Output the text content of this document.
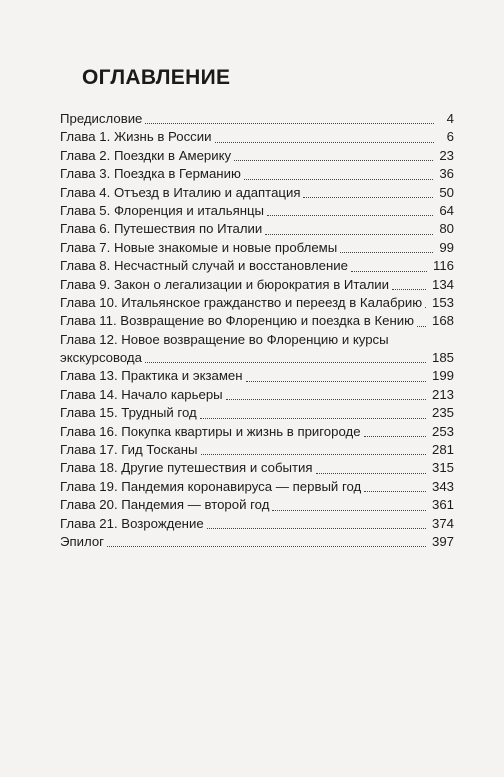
ОГЛАВЛЕНИЕ
Предисловие	4
Глава 1. Жизнь в России	6
Глава 2. Поездки в Америку	23
Глава 3. Поездка в Германию	36
Глава 4. Отъезд в Италию и адаптация	50
Глава 5. Флоренция и итальянцы	64
Глава 6. Путешествия по Италии	80
Глава 7. Новые знакомые и новые проблемы	99
Глава 8. Несчастный случай и восстановление	116
Глава 9. Закон о легализации и бюрократия в Италии	134
Глава 10. Итальянское гражданство и переезд в Калабрию 153
Глава 11. Возвращение во Флоренцию и поездка в Кению 168
Глава 12. Новое возвращение во Флоренцию и курсы
экскурсовода	185
Глава 13. Практика и экзамен	199
Глава 14. Начало карьеры	213
Глава 15. Трудный год	235
Глава 16. Покупка квартиры и жизнь в пригороде	253
Глава 17. Гид Тосканы	281
Глава 18. Другие путешествия и события	315
Глава 19. Пандемия коронавируса — первый год	343
Глава 20. Пандемия — второй год	361
Глава 21. Возрождение	374
Эпилог	397
